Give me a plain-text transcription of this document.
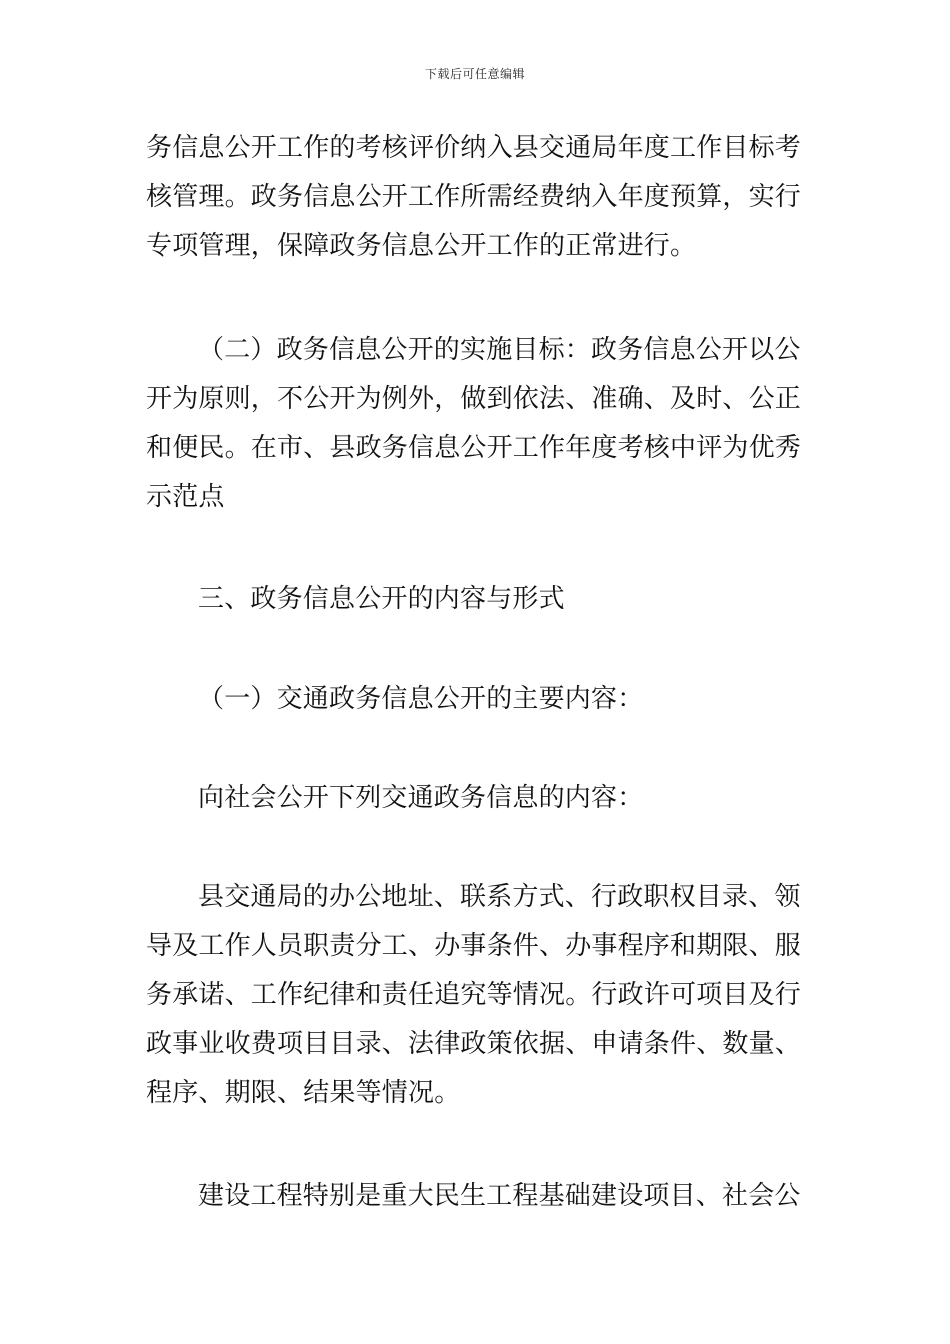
下载后可任意编辑
务信息公开工作的考核评价纳入县交通局年度工作目标考
核管理。政务信息公开工作所需经费纳入年度预算，实行
专项管理，保障政务信息公开工作的正常进行。
（二）政务信息公开的实施目标：政务信息公开以公
开为原则，不公开为例外，做到依法、准确、及时、公正
和便民。在市、县政务信息公开工作年度考核中评为优秀
示范点
三、政务信息公开的内容与形式
（一）交通政务信息公开的主要内容：
向社会公开下列交通政务信息的内容：
县交通局的办公地址、联系方式、行政职权目录、领
导及工作人员职责分工、办事条件、办事程序和期限、服
务承诺、工作纪律和责任追究等情况。行政许可项目及行
政事业收费项目目录、法律政策依据、申请条件、数量、
程序、期限、结果等情况。
建设工程特别是重大民生工程基础建设项目、社会公
